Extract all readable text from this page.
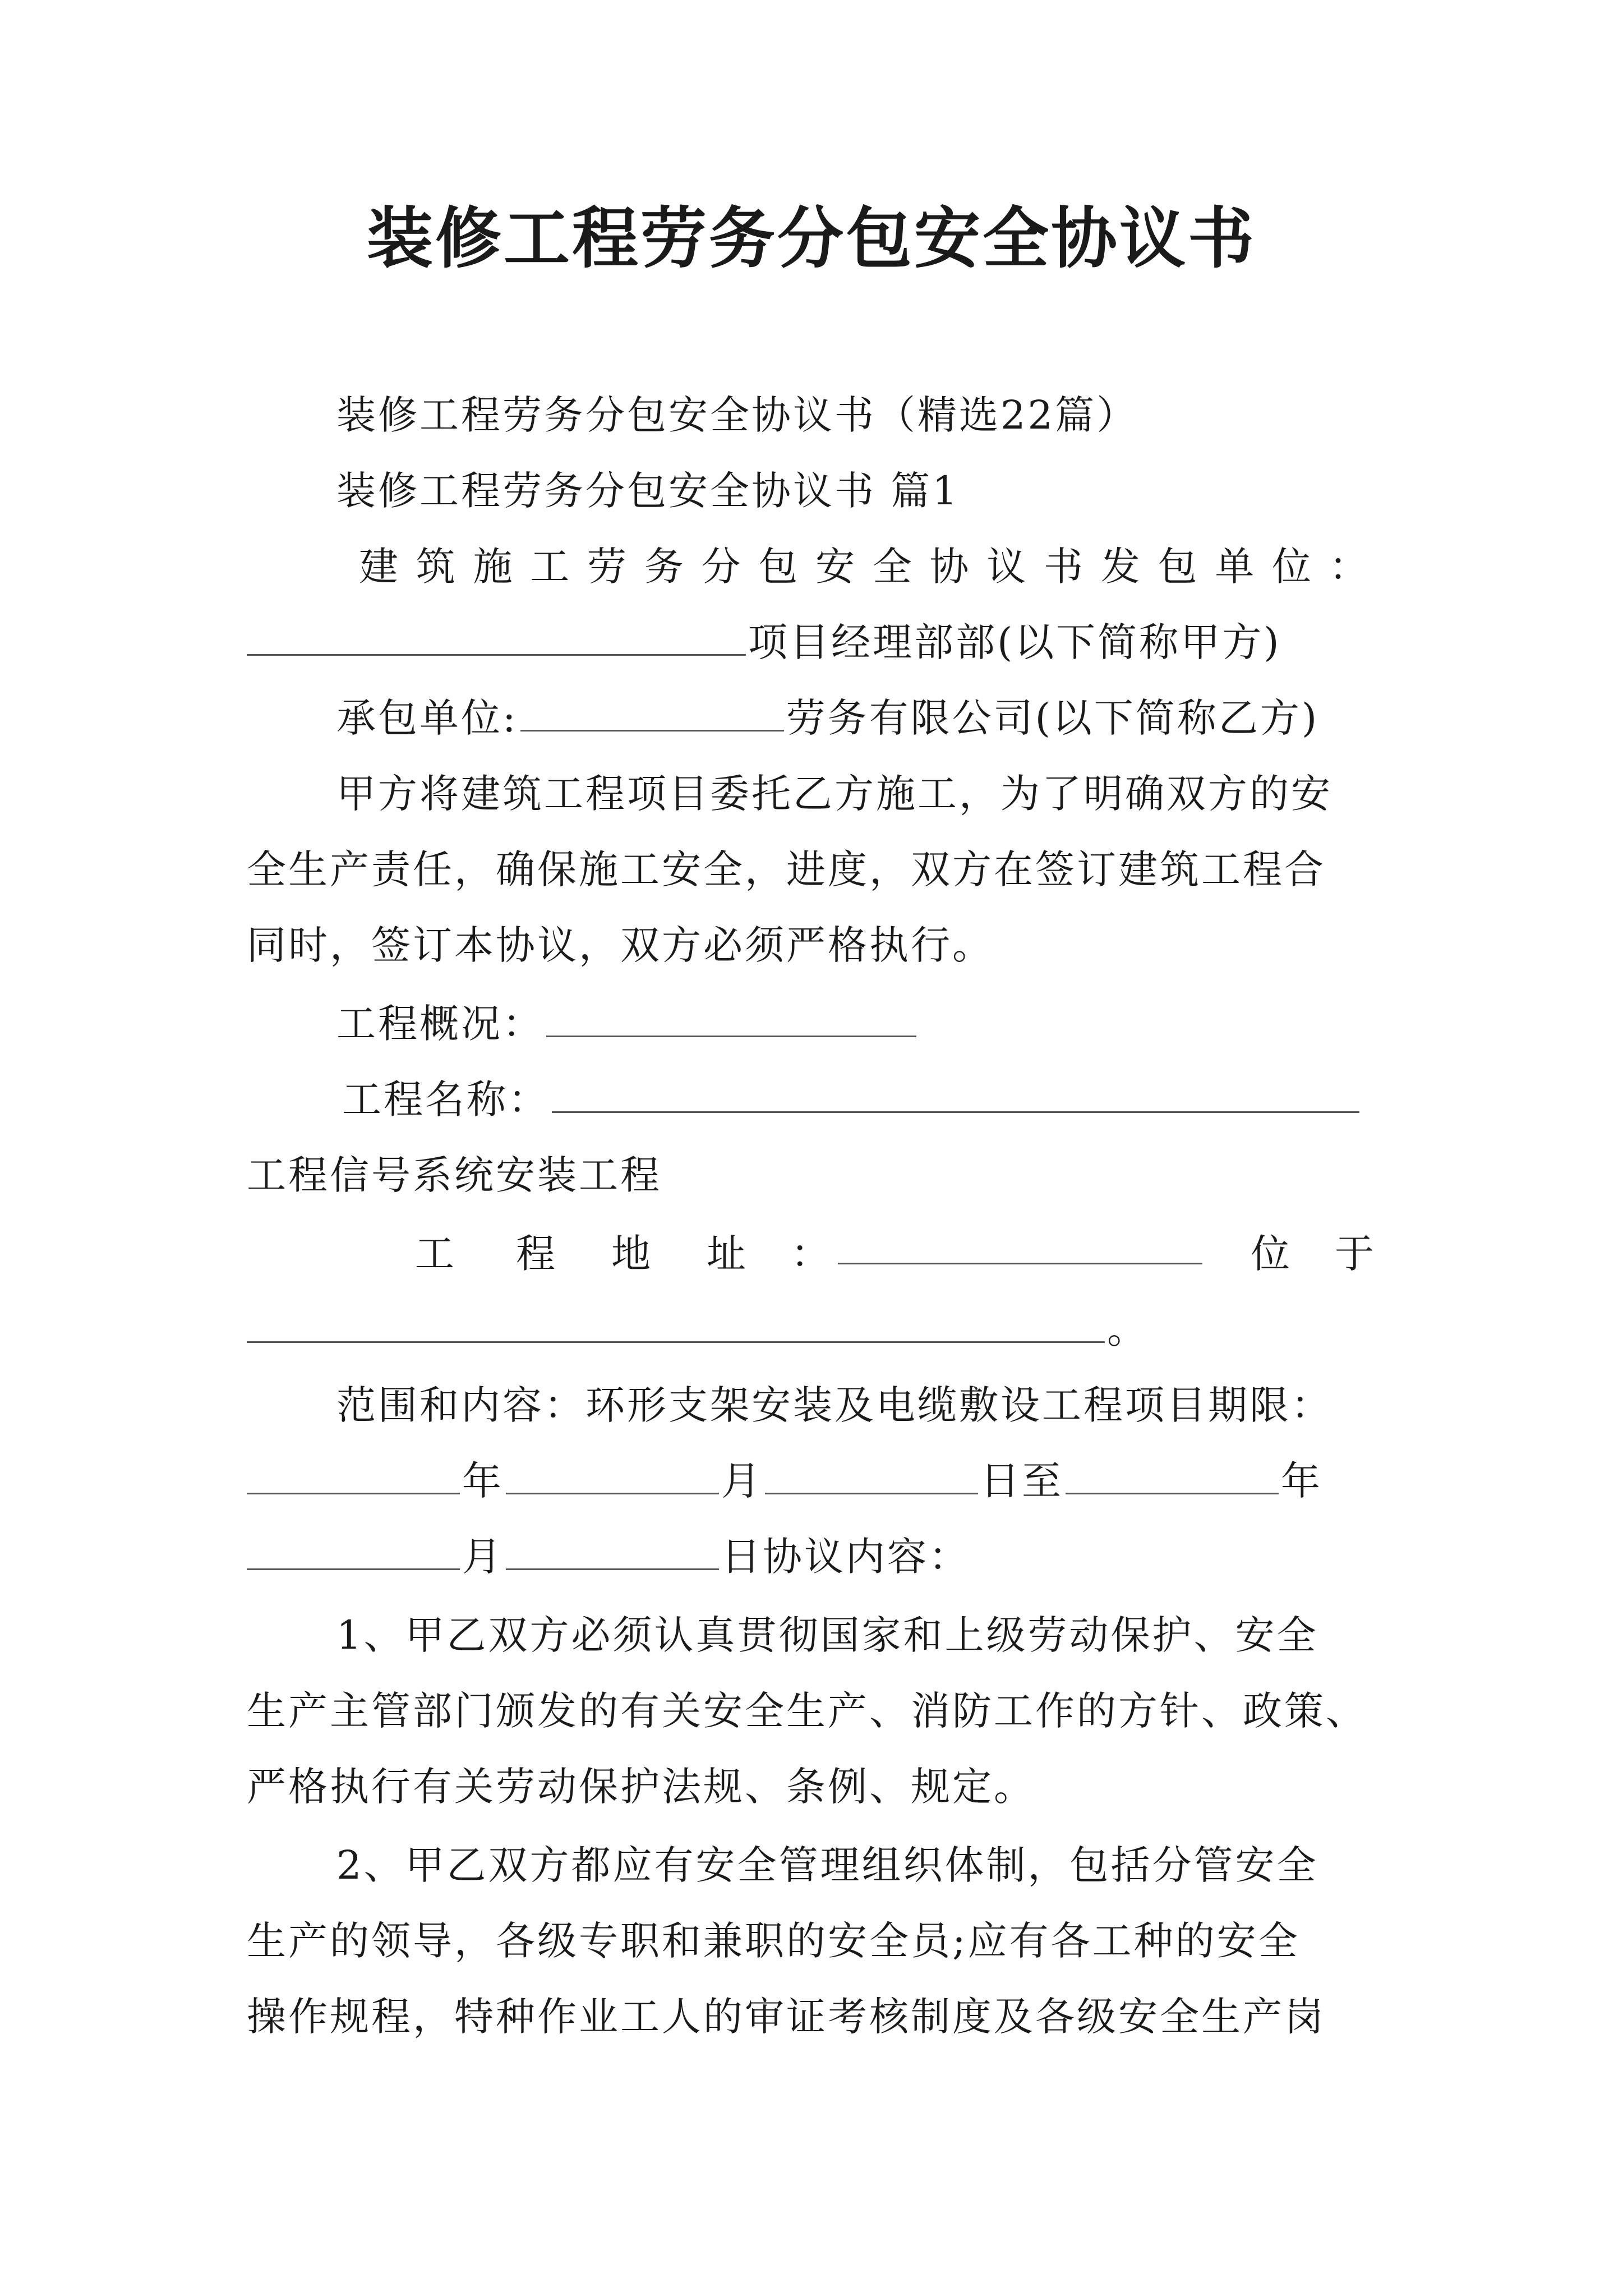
装修工程劳务分包安全协议书
装修工程劳务分包安全协议书（精选22篇）
装修工程劳务分包安全协议书 篇1
建 筑 施 工 劳 务 分 包 安 全 协 议 书 发 包 单 位 ：
项目经理部部(以下简称甲方)
承包单位:	劳务有限公司(以下简称乙方)
甲方将建筑工程项目委托乙方施工，为了明确双方的安
全生产责任，确保施工安全，进度，双方在签订建筑工程合
同时，签订本协议，双方必须严格执行。
工程概况：
工程名称：
工程信号系统安装工程
工 程 地 址 ：	位 于
。
范围和内容：环形支架安装及电缆敷设工程项目期限：
年	月	日至	年
月	日协议内容：
1、甲乙双方必须认真贯彻国家和上级劳动保护、安全
生产主管部门颁发的有关安全生产、消防工作的方针、政策、
严格执行有关劳动保护法规、条例、规定。
2、甲乙双方都应有安全管理组织体制，包括分管安全
生产的领导，各级专职和兼职的安全员;应有各工种的安全
操作规程，特种作业工人的审证考核制度及各级安全生产岗
